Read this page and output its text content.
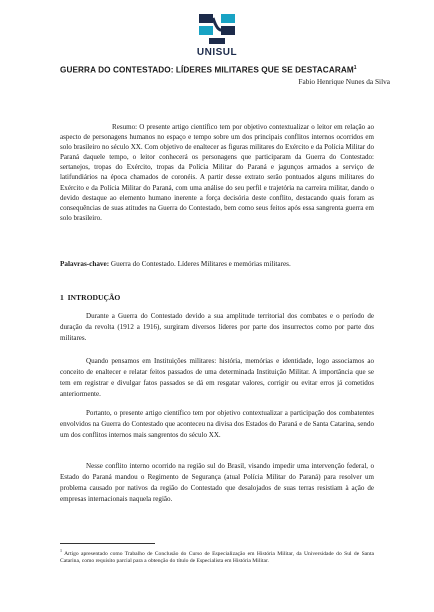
UNISUL
GUERRA DO CONTESTADO: LÍDERES MILITARES QUE SE DESTACARAM$^1$
Fabio Henrique Nunes da Silva

Resumo: O presente artigo científico tem por objetivo contextualizar o leitor em relação ao aspecto de personagens humanos no espaço e tempo sobre um dos principais conflitos internos ocorridos em solo brasileiro no século XX. Com objetivo de enaltecer as figuras militares do Exército e da Polícia Militar do Paraná daquele tempo, o leitor conhecerá os personagens que participaram da Guerra do Contestado: sertanejos, tropas do Exército, tropas da Polícia Militar do Paraná e jagunços armados a serviço de latifundiários na época chamados de coronéis. A partir desse extrato serão pontuados alguns militares do Exército e da Polícia Militar do Paraná, com uma análise do seu perfil e trajetória na carreira militar, dando o devido destaque ao elemento humano inerente a força decisória deste conflito, destacando quais foram as consequências de suas atitudes na Guerra do Contestado, bem como seus feitos após essa sangrenta guerra em solo brasileiro.

Palavras-chave: Guerra do Contestado. Líderes Militares e memórias militares.

1 INTRODUÇÃO

Durante a Guerra do Contestado devido a sua amplitude territorial dos combates e o período de duração da revolta (1912 a 1916), surgiram diversos líderes por parte dos insurrectos como por parte dos militares.

Quando pensamos em Instituições militares: história, memórias e identidade, logo associamos ao conceito de enaltecer e relatar feitos passados de uma determinada Instituição Militar. A importância que se tem em registrar e divulgar fatos passados se dá em resgatar valores, corrigir ou evitar erros já cometidos anteriormente.

Portanto, o presente artigo científico tem por objetivo contextualizar a participação dos combatentes envolvidos na Guerra do Contestado que aconteceu na divisa dos Estados do Paraná e de Santa Catarina, sendo um dos conflitos internos mais sangrentos do século XX.

Nesse conflito interno ocorrido na região sul do Brasil, visando impedir uma intervenção federal, o Estado do Paraná mandou o Regimento de Segurança (atual Polícia Militar do Paraná) para resolver um problema causado por nativos da região do Contestado que desalojados de suas terras resistiam à ação de empresas internacionais naquela região.

$^1$ Artigo apresentado como Trabalho de Conclusão do Curso de Especialização em História Militar, da Universidade do Sul de Santa Catarina, como requisito parcial para a obtenção do título de Especialista em História Militar.
